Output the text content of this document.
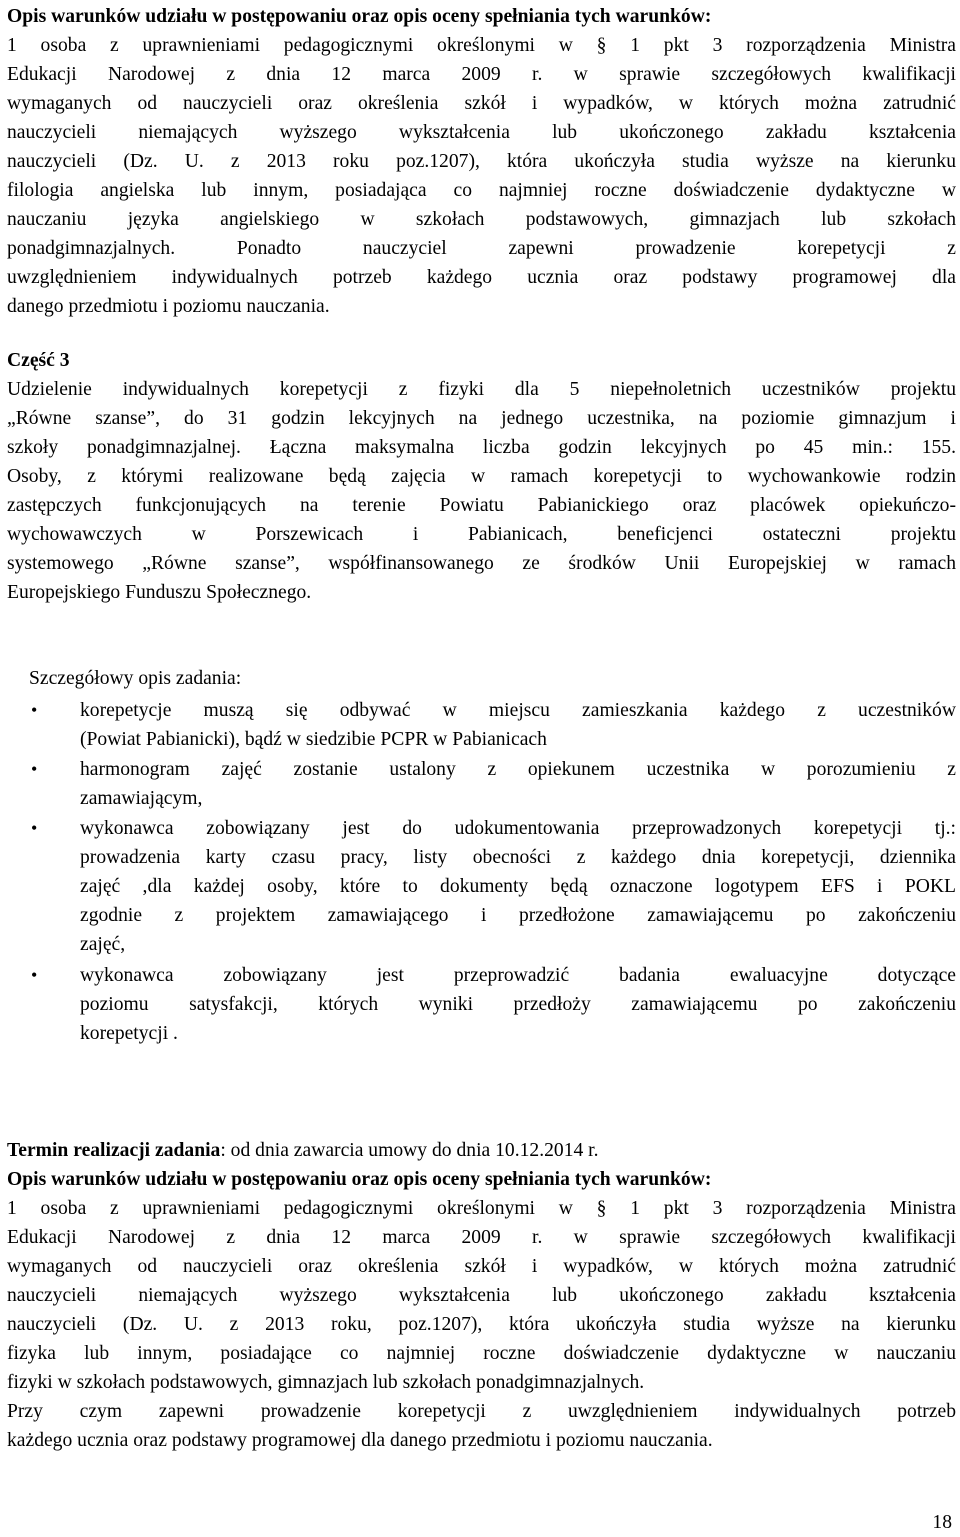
Opis warunków udziału w postępowaniu oraz opis oceny spełniania tych warunków:
1 osoba z uprawnieniami pedagogicznymi określonymi w § 1 pkt 3 rozporządzenia Ministra
Edukacji Narodowej z dnia 12 marca 2009 r. w sprawie szczegółowych kwalifikacji
wymaganych od nauczycieli oraz określenia szkół i wypadków, w których można zatrudnić
nauczycieli niemających wyższego wykształcenia lub ukończonego zakładu kształcenia
nauczycieli (Dz. U. z 2013 roku poz.1207), która ukończyła studia wyższe na kierunku
filologia angielska lub innym, posiadająca co najmniej roczne doświadczenie dydaktyczne w
nauczaniu języka angielskiego w szkołach podstawowych, gimnazjach lub szkołach
ponadgimnazjalnych. Ponadto nauczyciel zapewni prowadzenie korepetycji z
uwzględnieniem indywidualnych potrzeb każdego ucznia oraz podstawy programowej dla
danego przedmiotu i poziomu nauczania.
Część 3
Udzielenie indywidualnych korepetycji z fizyki dla 5 niepełnoletnich uczestników projektu
„Równe szanse”, do 31 godzin lekcyjnych na jednego uczestnika, na poziomie gimnazjum i
szkoły ponadgimnazjalnej. Łączna maksymalna liczba godzin lekcyjnych po 45 min.: 155.
Osoby, z którymi realizowane będą zajęcia w ramach korepetycji to wychowankowie rodzin
zastępczych funkcjonujących na terenie Powiatu Pabianickiego oraz placówek opiekuńczo-
wychowawczych w Porszewicach i Pabianicach, beneficjenci ostateczni projektu
systemowego „Równe szanse”, współfinansowanego ze środków Unii Europejskiej w ramach
Europejskiego Funduszu Społecznego.
Szczegółowy opis zadania:
•	korepetycje muszą się odbywać w miejscu zamieszkania każdego z uczestników
(Powiat Pabianicki), bądź w siedzibie PCPR w Pabianicach
•	harmonogram zajęć zostanie ustalony z opiekunem uczestnika w porozumieniu z
zamawiającym,
•	wykonawca zobowiązany jest do udokumentowania przeprowadzonych korepetycji tj.:
prowadzenia karty czasu pracy, listy obecności z każdego dnia korepetycji, dziennika
zajęć ,dla każdej osoby, które to dokumenty będą oznaczone logotypem EFS i POKL
zgodnie z projektem zamawiającego i przedłożone zamawiającemu po zakończeniu
zajęć,
•	wykonawca zobowiązany jest przeprowadzić badania ewaluacyjne dotyczące
poziomu satysfakcji, których wyniki przedłoży zamawiającemu po zakończeniu
korepetycji .
Termin realizacji zadania: od dnia zawarcia umowy do dnia 10.12.2014 r.
Opis warunków udziału w postępowaniu oraz opis oceny spełniania tych warunków:
1 osoba z uprawnieniami pedagogicznymi określonymi w § 1 pkt 3 rozporządzenia Ministra
Edukacji Narodowej z dnia 12 marca 2009 r. w sprawie szczegółowych kwalifikacji
wymaganych od nauczycieli oraz określenia szkół i wypadków, w których można zatrudnić
nauczycieli niemających wyższego wykształcenia lub ukończonego zakładu kształcenia
nauczycieli (Dz. U. z 2013 roku, poz.1207), która ukończyła studia wyższe na kierunku
fizyka lub innym, posiadające co najmniej roczne doświadczenie dydaktyczne w nauczaniu
fizyki w szkołach podstawowych, gimnazjach lub szkołach ponadgimnazjalnych.
Przy czym zapewni prowadzenie korepetycji z uwzględnieniem indywidualnych potrzeb
każdego ucznia oraz podstawy programowej dla danego przedmiotu i poziomu nauczania.
18
